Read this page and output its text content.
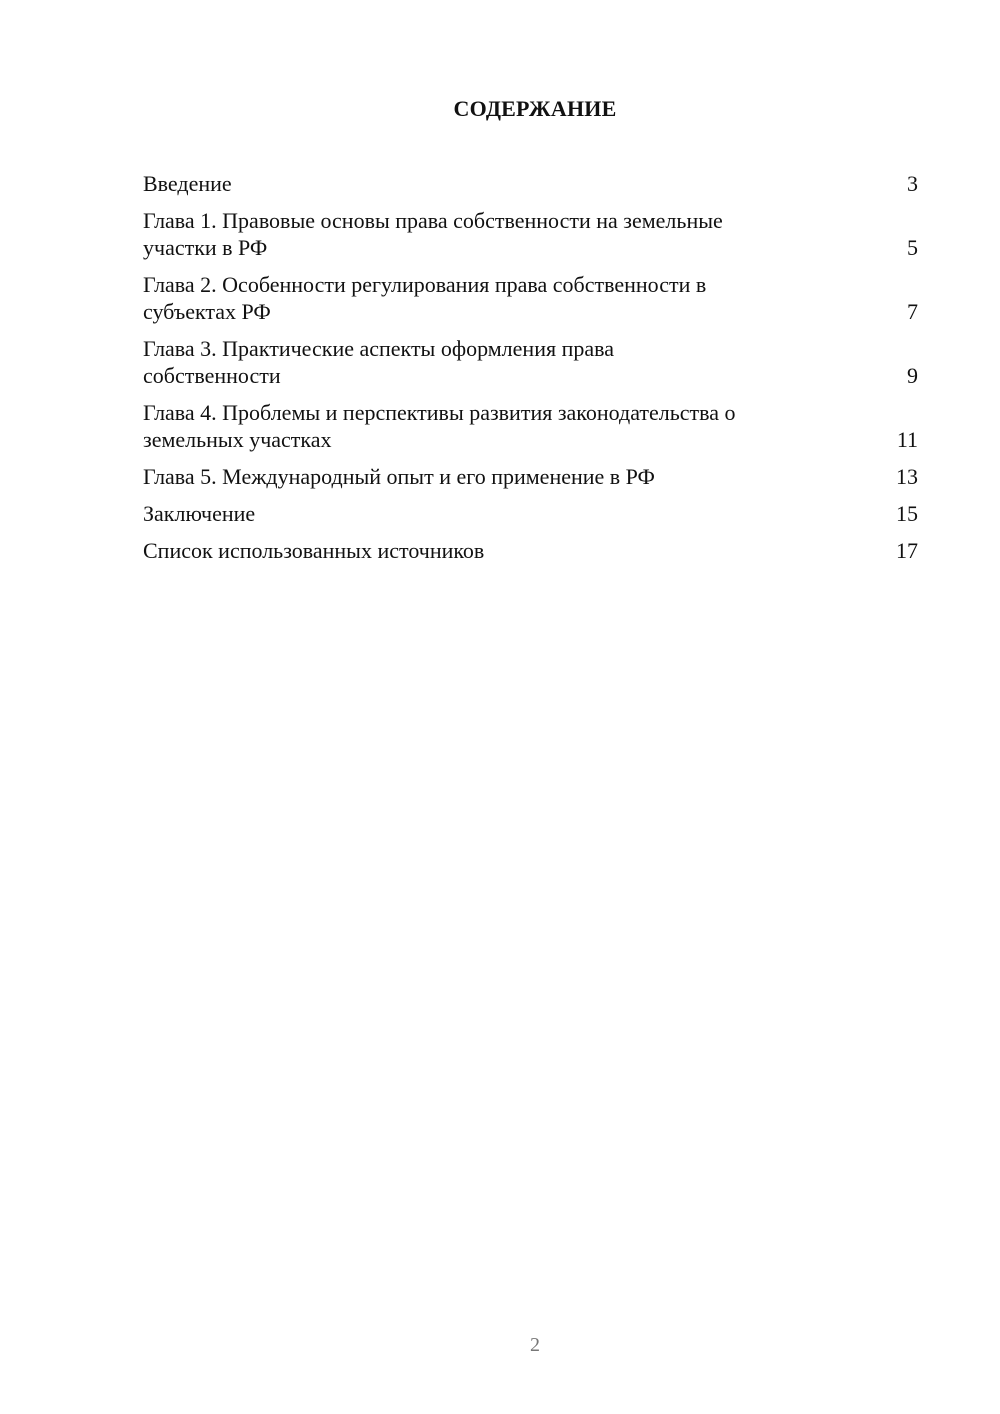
СОДЕРЖАНИЕ
Введение	3
Глава 1. Правовые основы права собственности на земельные
участки в РФ	5
Глава 2. Особенности регулирования права собственности в
субъектах РФ	7
Глава 3. Практические аспекты оформления права
собственности	9
Глава 4. Проблемы и перспективы развития законодательства о
земельных участках	11
Глава 5. Международный опыт и его применение в РФ	13
Заключение	15
Список использованных источников	17
2
